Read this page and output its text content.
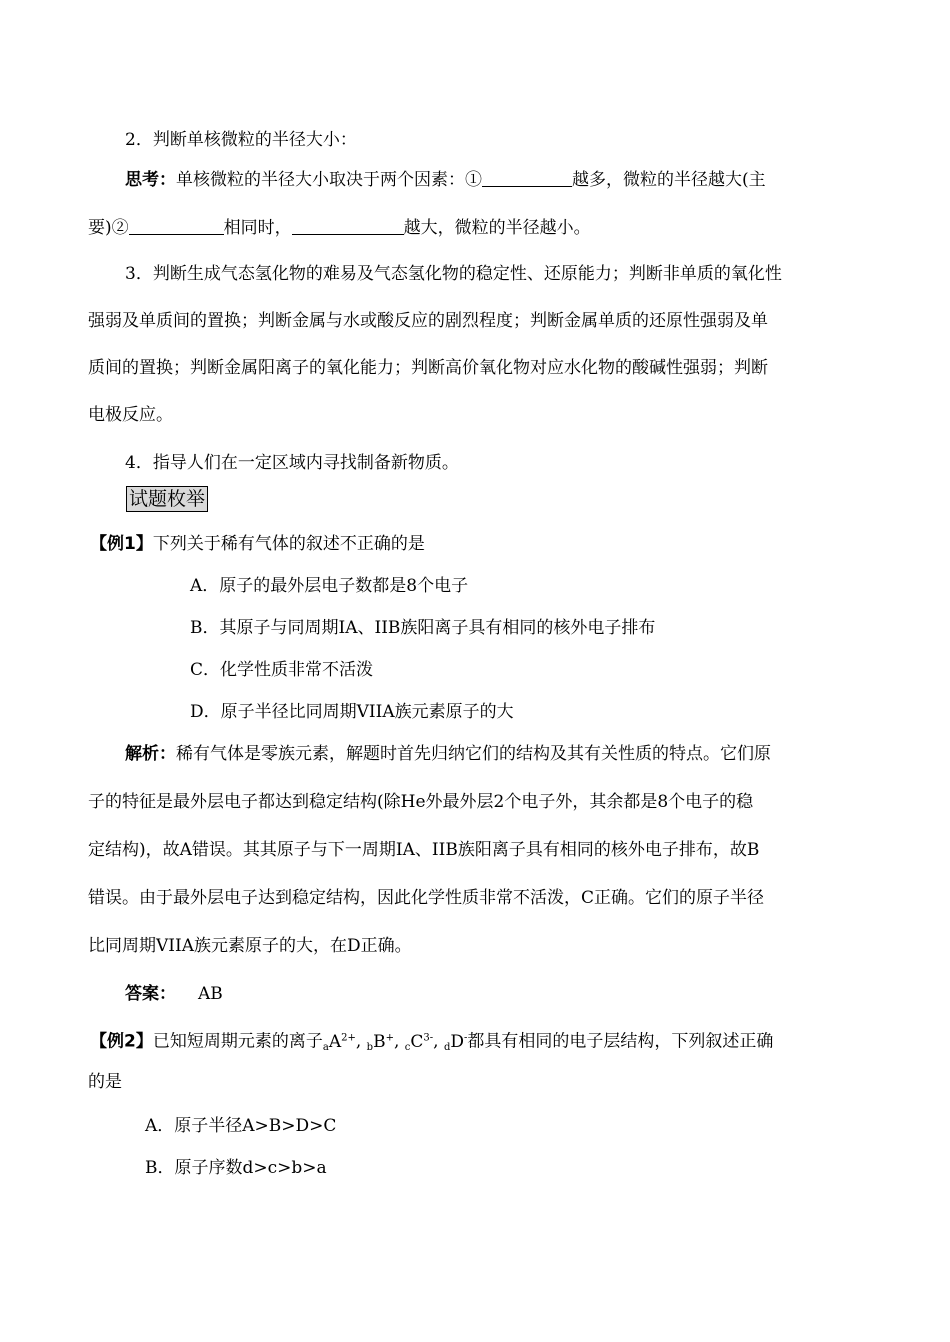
2．判断单核微粒的半径大小：
思考：单核微粒的半径大小取决于两个因素：①	越多，微粒的半径越大(主
要)②	相同时，	越大，微粒的半径越小。
3．判断生成气态氢化物的难易及气态氢化物的稳定性、还原能力；判断非单质的氧化性
强弱及单质间的置换；判断金属与水或酸反应的剧烈程度；判断金属单质的还原性强弱及单
质间的置换；判断金属阳离子的氧化能力；判断高价氧化物对应水化物的酸碱性强弱；判断
电极反应。
4．指导人们在一定区域内寻找制备新物质。
试题枚举
【例1】下列关于稀有气体的叙述不正确的是
A．原子的最外层电子数都是8个电子
B．其原子与同周期IA、IIB族阳离子具有相同的核外电子排布
C．化学性质非常不活泼
D．原子半径比同周期VIIA族元素原子的大
解析：稀有气体是零族元素，解题时首先归纳它们的结构及其有关性质的特点。它们原
子的特征是最外层电子都达到稳定结构(除He外最外层2个电子外，其余都是8个电子的稳
定结构)，故A错误。其其原子与下一周期IA、IIB族阳离子具有相同的核外电子排布，故B
错误。由于最外层电子达到稳定结构，因此化学性质非常不活泼，C正确。它们的原子半径
比同周期VIIA族元素原子的大，在D正确。
答案： AB
【例2】已知短周期元素的离子$aA^{2+}$, bB+, $cC^{3-}$, dD-都具有相同的电子层结构，下列叙述正确
的是
A．原子半径A>B>D>C
B．原子序数d>c>b>a
